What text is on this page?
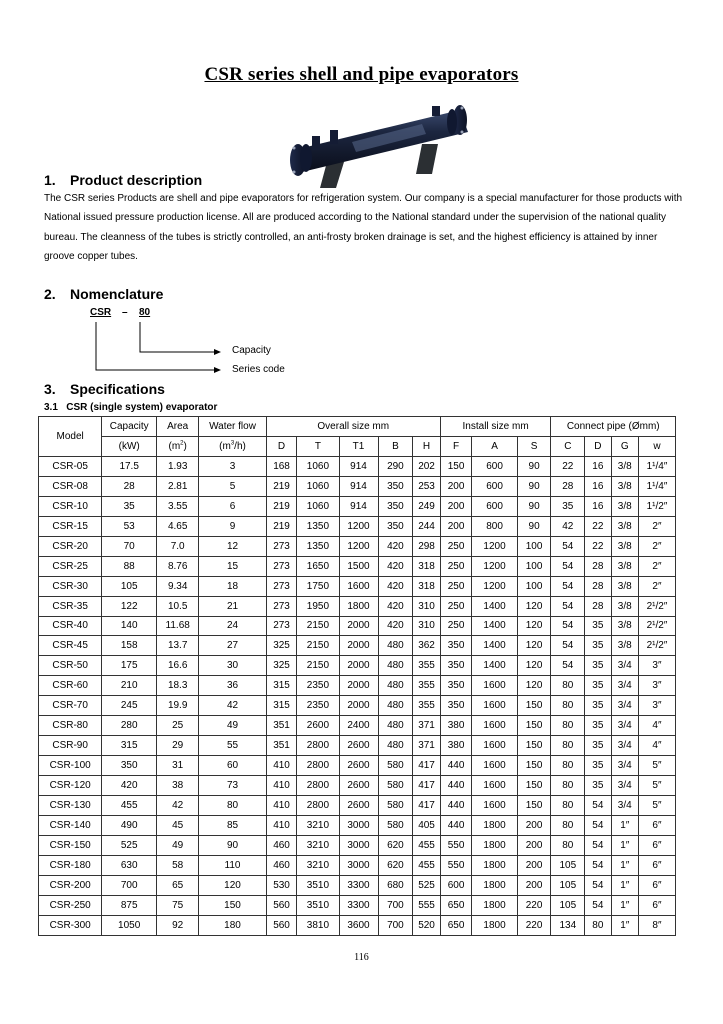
CSR series shell and pipe evaporators
1. Product description
The CSR series Products are shell and pipe evaporators for refrigeration system. Our company is a special manufacturer for those products with National issued pressure production license. All are produced according to the National standard under the supervision of the national quality bureau. The cleanness of the tubes is strictly controlled, an anti-frosty broken drainage is set, and the highest efficiency is attained by inner groove copper tubes.
2. Nomenclature
CSR – 80
Capacity
Series code
3. Specifications
3.1   CSR (single system) evaporator
Model	Capacity	Area	Water flow	Overall size mm					Install size mm			Connect pipe (Ømm)			
	(kW)	$(m^2)$	$(m^3/h)$	D	T	T1	B	H	F	A	S	C	D	G	w
CSR-05	17.5	1.93	3	168	1060	914	290	202	150	600	90	22	16	3/8	1¹/4″
CSR-08	28	2.81	5	219	1060	914	350	253	200	600	90	28	16	3/8	1¹/4″
CSR-10	35	3.55	6	219	1060	914	350	249	200	600	90	35	16	3/8	1¹/2″
CSR-15	53	4.65	9	219	1350	1200	350	244	200	800	90	42	22	3/8	2″
CSR-20	70	7.0	12	273	1350	1200	420	298	250	1200	100	54	22	3/8	2″
CSR-25	88	8.76	15	273	1650	1500	420	318	250	1200	100	54	28	3/8	2″
CSR-30	105	9.34	18	273	1750	1600	420	318	250	1200	100	54	28	3/8	2″
CSR-35	122	10.5	21	273	1950	1800	420	310	250	1400	120	54	28	3/8	2¹/2″
CSR-40	140	11.68	24	273	2150	2000	420	310	250	1400	120	54	35	3/8	2¹/2″
CSR-45	158	13.7	27	325	2150	2000	480	362	350	1400	120	54	35	3/8	2¹/2″
CSR-50	175	16.6	30	325	2150	2000	480	355	350	1400	120	54	35	3/4	3″
CSR-60	210	18.3	36	315	2350	2000	480	355	350	1600	120	80	35	3/4	3″
CSR-70	245	19.9	42	315	2350	2000	480	355	350	1600	150	80	35	3/4	3″
CSR-80	280	25	49	351	2600	2400	480	371	380	1600	150	80	35	3/4	4″
CSR-90	315	29	55	351	2800	2600	480	371	380	1600	150	80	35	3/4	4″
CSR-100	350	31	60	410	2800	2600	580	417	440	1600	150	80	35	3/4	5″
CSR-120	420	38	73	410	2800	2600	580	417	440	1600	150	80	35	3/4	5″
CSR-130	455	42	80	410	2800	2600	580	417	440	1600	150	80	54	3/4	5″
CSR-140	490	45	85	410	3210	3000	580	405	440	1800	200	80	54	1″	6″
CSR-150	525	49	90	460	3210	3000	620	455	550	1800	200	80	54	1″	6″
CSR-180	630	58	110	460	3210	3000	620	455	550	1800	200	105	54	1″	6″
CSR-200	700	65	120	530	3510	3300	680	525	600	1800	200	105	54	1″	6″
CSR-250	875	75	150	560	3510	3300	700	555	650	1800	220	105	54	1″	6″
CSR-300	1050	92	180	560	3810	3600	700	520	650	1800	220	134	80	1″	8″
116
